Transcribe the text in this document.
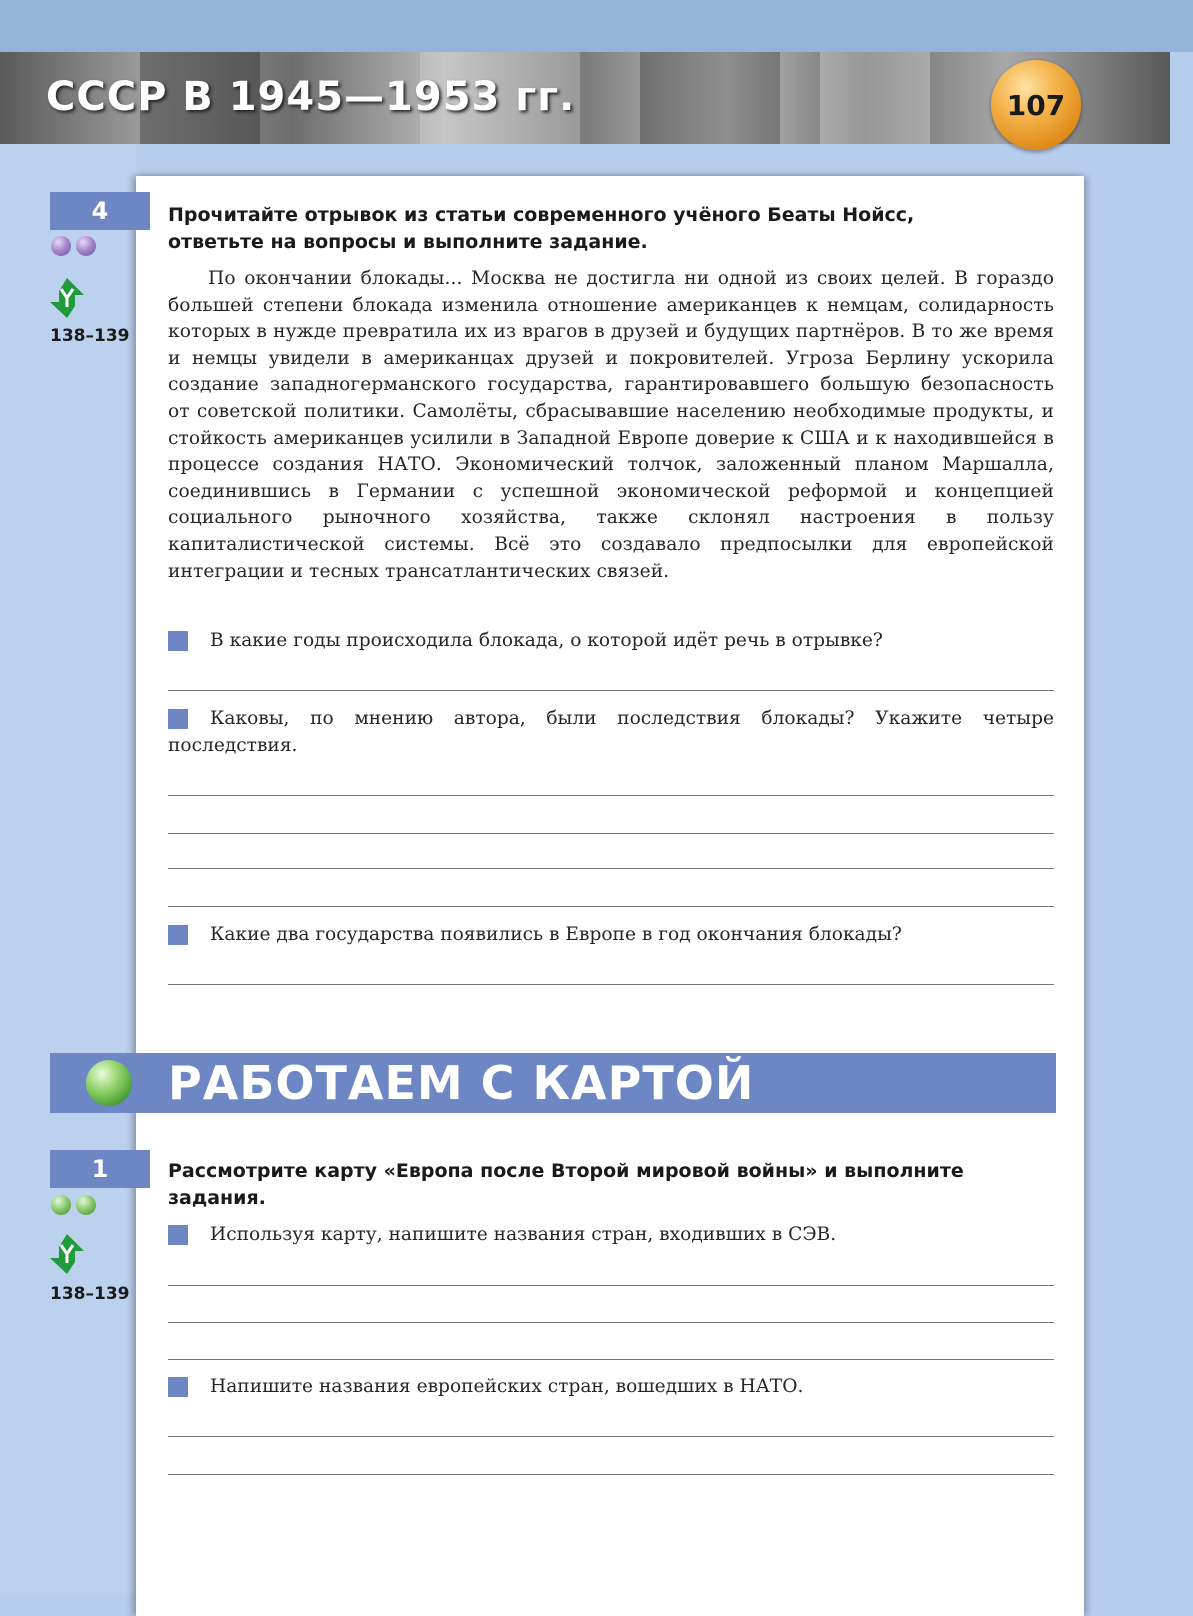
СССР В 1945—1953 гг.	107
4
138–139

Прочитайте отрывок из статьи современного учёного Беаты Нойсс, ответьте на вопросы и выполните задание.

По окончании блокады... Москва не достигла ни одной из своих целей. В гораздо большей степени блокада изменила отношение американцев к немцам, солидарность которых в нужде превратила их из врагов в друзей и будущих партнёров. В то же время и немцы увидели в американцах друзей и покровителей. Угроза Берлину ускорила создание западногерманского государства, гарантировавшего большую безопасность от советской политики. Самолёты, сбрасывавшие населению необходимые продукты, и стойкость американцев усилили в Западной Европе доверие к США и к находившейся в процессе создания НАТО. Экономический толчок, заложенный планом Маршалла, соединившись в Германии с успешной экономической реформой и концепцией социального рыночного хозяйства, также склонял настроения в пользу капиталистической системы. Всё это создавало предпосылки для европейской интеграции и тесных трансатлантических связей.

В какие годы происходила блокада, о которой идёт речь в отрывке?

Каковы, по мнению автора, были последствия блокады? Укажите четыре последствия.

Какие два государства появились в Европе в год окончания блокады?

РАБОТАЕМ С КАРТОЙ
1
138–139

Рассмотрите карту «Европа после Второй мировой войны» и выполните задания.

Используя карту, напишите названия стран, входивших в СЭВ.

Напишите названия европейских стран, вошедших в НАТО.
